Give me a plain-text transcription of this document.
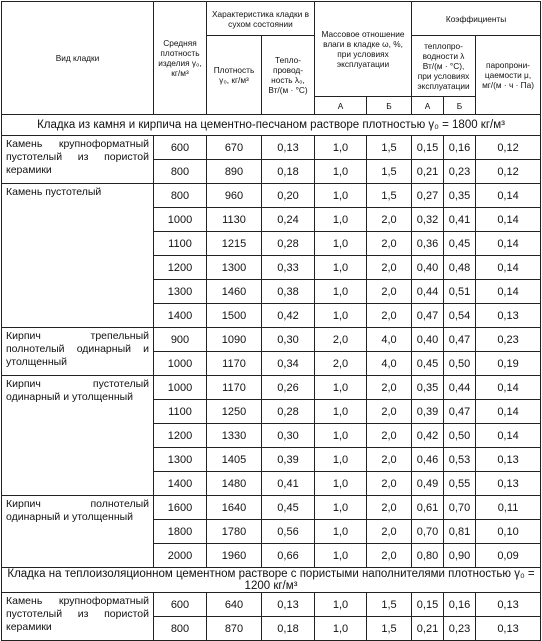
Вид кладки	Средняя плотность изделия γ₀, кг/м³	Характеристика кладки в сухом состоянии		Массовое отношение влаги в кладке ω, %, при условиях эксплуатации		Коэффициенты		
		Плотность γ₀, кг/м³	Тепло-провод-ность λ₀, Вт/(м · °С)			теплопро-водности λ Вт/(м · °С), при условиях эксплуатации		паропрони-цаемости μ, мг/(м · ч · Па)
				А	Б	А	Б	
Кладка из камня и кирпича на цементно-песчаном растворе плотностью γ₀ = 1800 кг/м³								
Камень крупноформатный пустотелый из пористой керамики	600	670	0,13	1,0	1,5	0,15	0,16	0,12
	800	890	0,18	1,0	1,5	0,21	0,23	0,12
Камень пустотелый	800	960	0,20	1,0	1,5	0,27	0,35	0,14
	1000	1130	0,24	1,0	2,0	0,32	0,41	0,14
	1100	1215	0,28	1,0	2,0	0,36	0,45	0,14
	1200	1300	0,33	1,0	2,0	0,40	0,48	0,14
	1300	1460	0,38	1,0	2,0	0,44	0,51	0,14
	1400	1500	0,42	1,0	2,0	0,47	0,54	0,13
Кирпич трепельный полнотелый одинарный и утолщенный	900	1090	0,30	2,0	4,0	0,40	0,47	0,23
	1000	1170	0,34	2,0	4,0	0,45	0,50	0,19
Кирпич пустотелый одинарный и утолщенный	1000	1170	0,26	1,0	2,0	0,35	0,44	0,14
	1100	1250	0,28	1,0	2,0	0,39	0,47	0,14
	1200	1330	0,30	1,0	2,0	0,42	0,50	0,14
	1300	1405	0,39	1,0	2,0	0,46	0,53	0,13
	1400	1480	0,41	1,0	2,0	0,49	0,55	0,13
Кирпич полнотелый одинарный и утолщенный	1600	1640	0,45	1,0	2,0	0,61	0,70	0,11
	1800	1780	0,56	1,0	2,0	0,70	0,81	0,10
	2000	1960	0,66	1,0	2,0	0,80	0,90	0,09
Кладка на теплоизоляционном цементном растворе с пористыми наполнителями плотностью γ₀ = 1200 кг/м³								
Камень крупноформатный пустотелый из пористой керамики	600	640	0,13	1,0	1,5	0,15	0,16	0,13
	800	870	0,18	1,0	1,5	0,21	0,23	0,13
